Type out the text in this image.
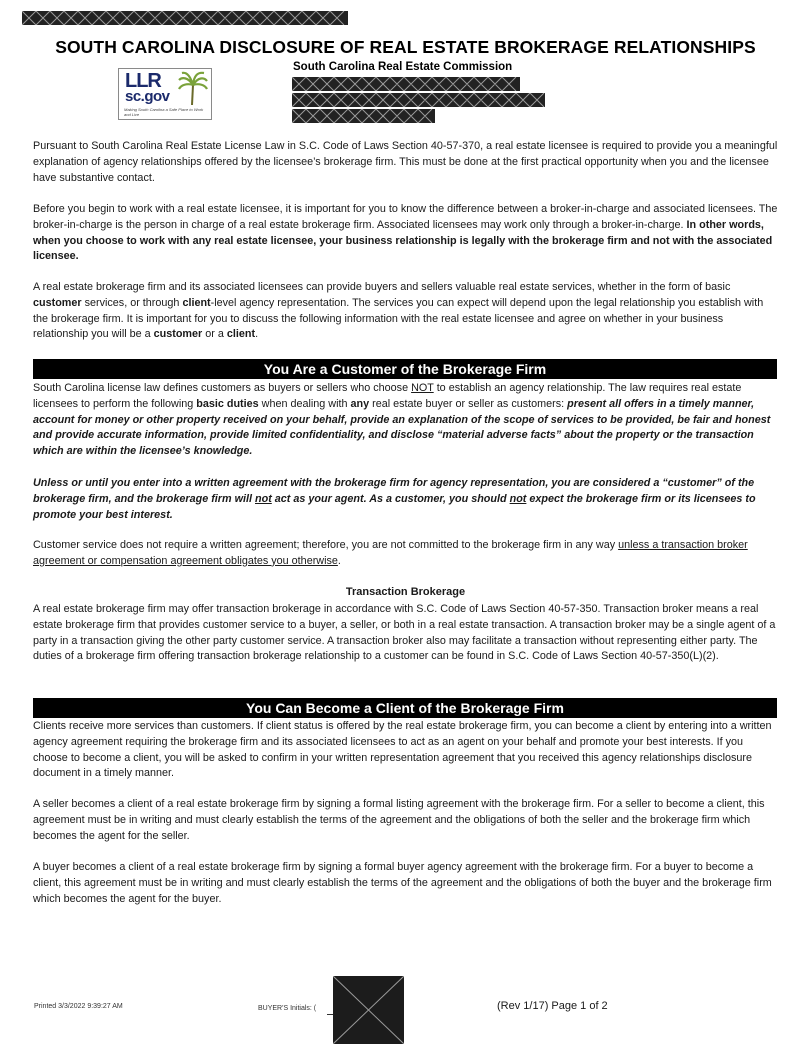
SOUTH CAROLINA DISCLOSURE OF REAL ESTATE BROKERAGE RELATIONSHIPS
South Carolina Real Estate Commission
LLR
sc.gov
Making South Carolina a Safe Place to Work and Live
Pursuant to South Carolina Real Estate License Law in S.C. Code of Laws Section 40-57-370, a real estate licensee is required to provide you a meaningful explanation of agency relationships offered by the licensee’s brokerage firm. This must be done at the first practical opportunity when you and the licensee have substantive contact.
Before you begin to work with a real estate licensee, it is important for you to know the difference between a broker-in-charge and associated licensees. The broker-in-charge is the person in charge of a real estate brokerage firm. Associated licensees may work only through a broker-in-charge. In other words, when you choose to work with any real estate licensee, your business relationship is legally with the brokerage firm and not with the associated licensee.
A real estate brokerage firm and its associated licensees can provide buyers and sellers valuable real estate services, whether in the form of basic customer services, or through client-level agency representation. The services you can expect will depend upon the legal relationship you establish with the brokerage firm. It is important for you to discuss the following information with the real estate licensee and agree on whether in your business relationship you will be a customer or a client.
You Are a Customer of the Brokerage Firm
South Carolina license law defines customers as buyers or sellers who choose NOT to establish an agency relationship. The law requires real estate licensees to perform the following basic duties when dealing with any real estate buyer or seller as customers: present all offers in a timely manner, account for money or other property received on your behalf, provide an explanation of the scope of services to be provided, be fair and honest and provide accurate information, provide limited confidentiality, and disclose “material adverse facts” about the property or the transaction which are within the licensee’s knowledge.
Unless or until you enter into a written agreement with the brokerage firm for agency representation, you are considered a “customer” of the brokerage firm, and the brokerage firm will not act as your agent. As a customer, you should not expect the brokerage firm or its licensees to promote your best interest.
Customer service does not require a written agreement; therefore, you are not committed to the brokerage firm in any way unless a transaction broker agreement or compensation agreement obligates you otherwise.
Transaction Brokerage
A real estate brokerage firm may offer transaction brokerage in accordance with S.C. Code of Laws Section 40-57-350. Transaction broker means a real estate brokerage firm that provides customer service to a buyer, a seller, or both in a real estate transaction. A transaction broker may be a single agent of a party in a transaction giving the other party customer service. A transaction broker also may facilitate a transaction without representing either party. The duties of a brokerage firm offering transaction brokerage relationship to a customer can be found in S.C. Code of Laws Section 40-57-350(L)(2).
You Can Become a Client of the Brokerage Firm
Clients receive more services than customers. If client status is offered by the real estate brokerage firm, you can become a client by entering into a written agency agreement requiring the brokerage firm and its associated licensees to act as an agent on your behalf and promote your best interests. If you choose to become a client, you will be asked to confirm in your written representation agreement that you received this agency relationships disclosure document in a timely manner.
A seller becomes a client of a real estate brokerage firm by signing a formal listing agreement with the brokerage firm. For a seller to become a client, this agreement must be in writing and must clearly establish the terms of the agreement and the obligations of both the seller and the brokerage firm which becomes the agent for the seller.
A buyer becomes a client of a real estate brokerage firm by signing a formal buyer agency agreement with the brokerage firm. For a buyer to become a client, this agreement must be in writing and must clearly establish the terms of the agreement and the obligations of both the buyer and the brokerage firm which becomes the agent for the buyer.
Printed 3/3/2022 9:39:27 AM	BUYER'S Initials: (	(Rev 1/17) Page 1 of 2
